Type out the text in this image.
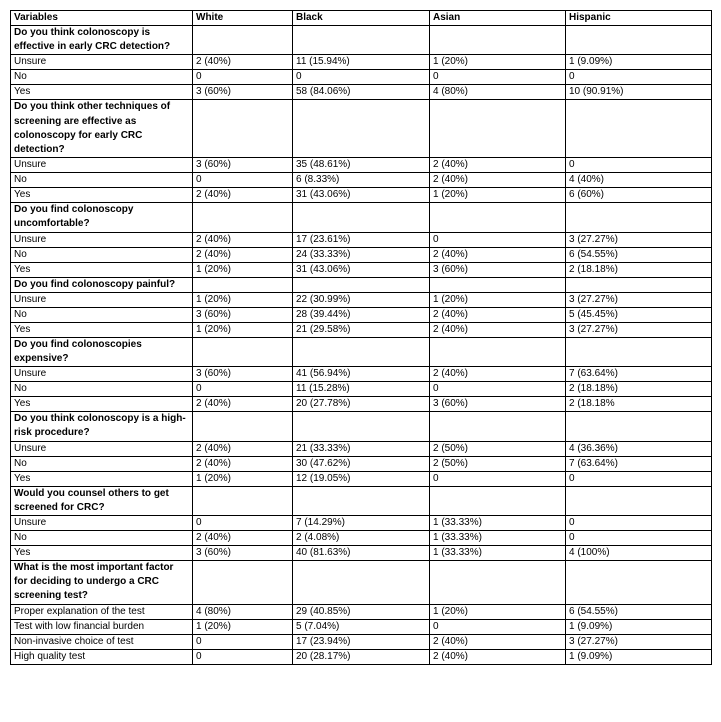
Variables	White	Black	Asian	Hispanic
Do you think colonoscopy is effective in early CRC detection?				
Unsure	2 (40%)	11 (15.94%)	1 (20%)	1 (9.09%)
No	0	0	0	0
Yes	3 (60%)	58 (84.06%)	4 (80%)	10 (90.91%)
Do you think other techniques of screening are effective as colonoscopy for early CRC detection?				
Unsure	3 (60%)	35 (48.61%)	2 (40%)	0
No	0	6 (8.33%)	2 (40%)	4 (40%)
Yes	2 (40%)	31 (43.06%)	1 (20%)	6 (60%)
Do you find colonoscopy uncomfortable?				
Unsure	2 (40%)	17 (23.61%)	0	3 (27.27%)
No	2 (40%)	24 (33.33%)	2 (40%)	6 (54.55%)
Yes	1 (20%)	31 (43.06%)	3 (60%)	2 (18.18%)
Do you find colonoscopy painful?				
Unsure	1 (20%)	22 (30.99%)	1 (20%)	3 (27.27%)
No	3 (60%)	28 (39.44%)	2 (40%)	5 (45.45%)
Yes	1 (20%)	21 (29.58%)	2 (40%)	3 (27.27%)
Do you find colonoscopies expensive?				
Unsure	3 (60%)	41 (56.94%)	2 (40%)	7 (63.64%)
No	0	11 (15.28%)	0	2 (18.18%)
Yes	2 (40%)	20 (27.78%)	3 (60%)	2 (18.18%
Do you think colonoscopy is a high-risk procedure?				
Unsure	2 (40%)	21 (33.33%)	2 (50%)	4 (36.36%)
No	2 (40%)	30 (47.62%)	2 (50%)	7 (63.64%)
Yes	1 (20%)	12 (19.05%)	0	0
Would you counsel others to get screened for CRC?				
Unsure	0	7 (14.29%)	1 (33.33%)	0
No	2 (40%)	2 (4.08%)	1 (33.33%)	0
Yes	3 (60%)	40 (81.63%)	1 (33.33%)	4 (100%)
What is the most important factor for deciding to undergo a CRC screening test?				
Proper explanation of the test	4 (80%)	29 (40.85%)	1 (20%)	6 (54.55%)
Test with low financial burden	1 (20%)	5 (7.04%)	0	1 (9.09%)
Non-invasive choice of test	0	17 (23.94%)	2 (40%)	3 (27.27%)
High quality test	0	20 (28.17%)	2 (40%)	1 (9.09%)
